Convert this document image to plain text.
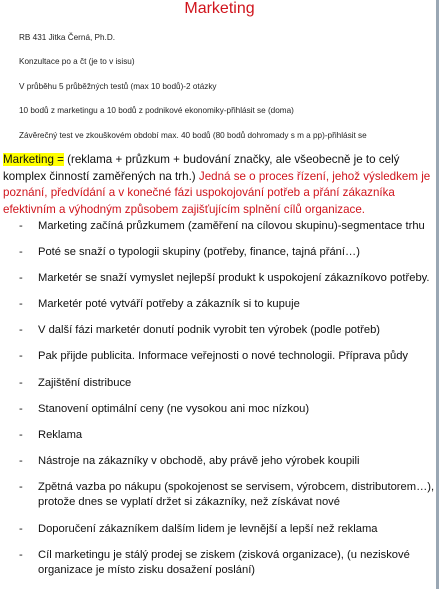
Marketing
RB 431 Jitka Černá, Ph.D.
Konzultace po a čt (je to v isisu)
V průběhu 5 průběžných testů (max 10 bodů)-2 otázky
10 bodů z marketingu a 10 bodů z podnikové ekonomiky-přihlásit se (doma)
Závěrečný test ve zkouškovém období max. 40 bodů (80 bodů dohromady s m a pp)-přihlásit se
Marketing = (reklama + průzkum + budování značky, ale všeobecně je to celý komplex činností zaměřených na trh.) Jedná se o proces řízení, jehož výsledkem je poznání, předvídání a v konečné fázi uspokojování potřeb a přání zákazníka efektivním a výhodným způsobem zajišťujícím splnění cílů organizace.
- Marketing začíná průzkumem (zaměření na cílovou skupinu)-segmentace trhu
- Poté se snaží o typologii skupiny (potřeby, finance, tajná přání…)
- Marketér se snaží vymyslet nejlepší produkt k uspokojení zákazníkovo potřeby.
- Marketér poté vytváří potřeby a zákazník si to kupuje
- V další fázi marketér donutí podnik vyrobit ten výrobek (podle potřeb)
- Pak přijde publicita. Informace veřejnosti o nové technologii. Příprava půdy
- Zajištění distribuce
- Stanovení optimální ceny (ne vysokou ani moc nízkou)
- Reklama
- Nástroje na zákazníky v obchodě, aby právě jeho výrobek koupili
- Zpětná vazba po nákupu (spokojenost se servisem, výrobcem, distributorem…), protože dnes se vyplatí držet si zákazníky, než získávat nové
- Doporučení zákazníkem dalším lidem je levnější a lepší než reklama
- Cíl marketingu je stálý prodej se ziskem (zisková organizace), (u neziskové organizace je místo zisku dosažení poslání)
